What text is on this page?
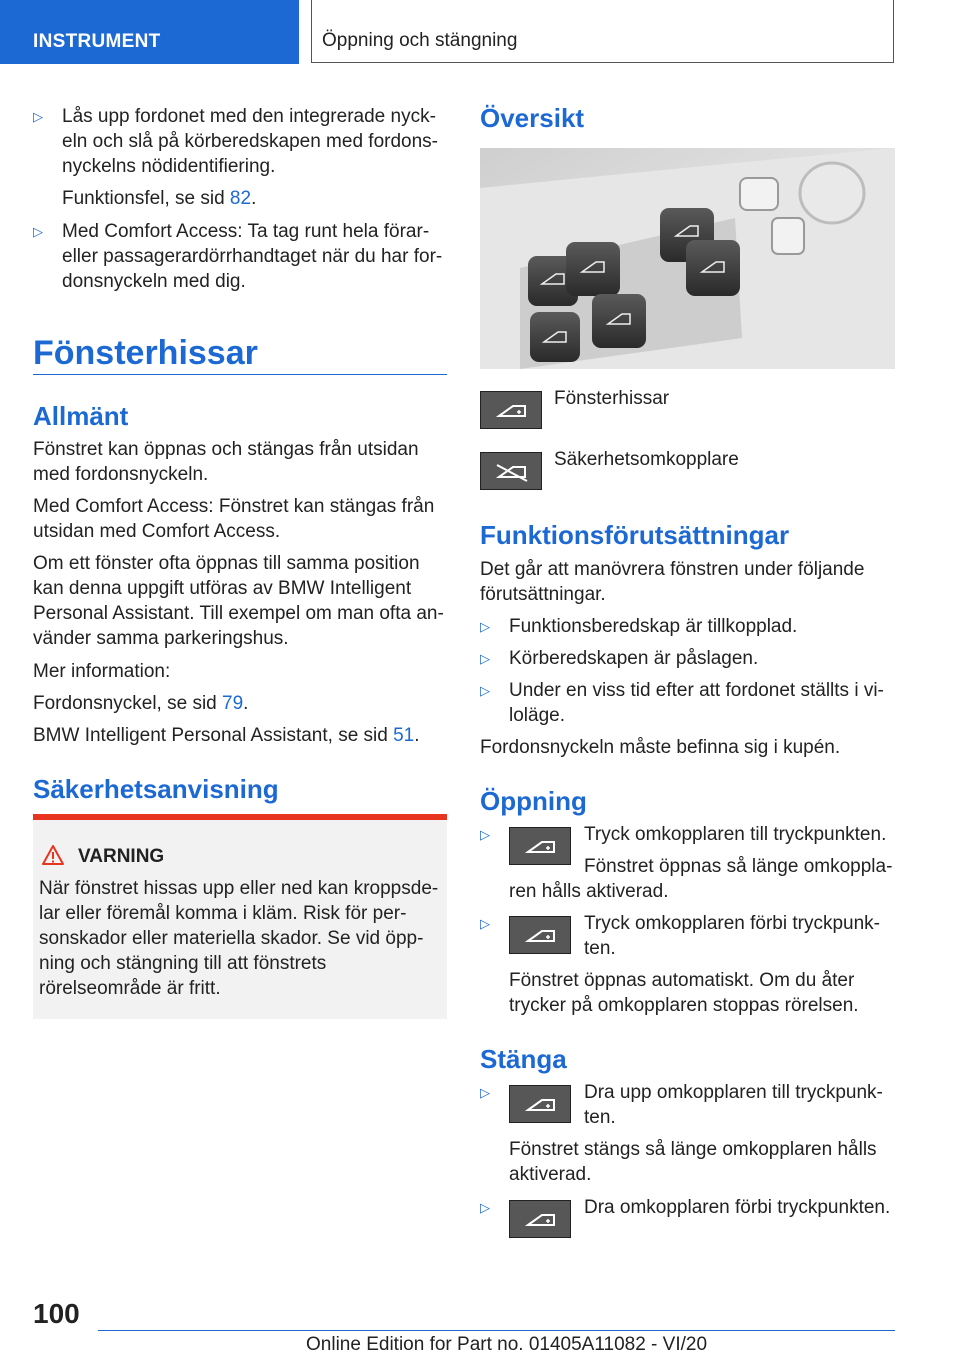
INSTRUMENT	Öppning och stängning
▷ Lås upp fordonet med den integrerade nyck-

eln och slå på körberedskapen med fordons-

nyckelns nödidentifiering.

Funktionsfel, se sid 82.

▷ Med Comfort Access: Ta tag runt hela förar-

eller passagerardörrhandtaget när du har for-

donsnyckeln med dig.

Fönsterhissar
Allmänt

Fönstret kan öppnas och stängas från utsidan

med fordonsnyckeln.

Med Comfort Access: Fönstret kan stängas från

utsidan med Comfort Access.

Om ett fönster ofta öppnas till samma position

kan denna uppgift utföras av BMW Intelligent

Personal Assistant. Till exempel om man ofta an-

vänder samma parkeringshus.

Mer information:

Fordonsnyckel, se sid 79.

BMW Intelligent Personal Assistant, se sid 51.

Säkerhetsanvisning

VARNING

När fönstret hissas upp eller ned kan kroppsde-

lar eller föremål komma i kläm. Risk för per-

sonskador eller materiella skador. Se vid öpp-

ning och stängning till att fönstrets

rörelseområde är fritt.

Översikt

Fönsterhissar

Säkerhetsomkopplare

Funktionsförutsättningar

Det går att manövrera fönstren under följande

förutsättningar.

▷ Funktionsberedskap är tillkopplad.

▷ Körberedskapen är påslagen.

▷ Under en viss tid efter att fordonet ställts i vi-

loläge.

Fordonsnyckeln måste befinna sig i kupén.

Öppning
▷	Tryck omkopplaren till tryckpunkten.

Fönstret öppnas så länge omkoppla-

ren hålls aktiverad.

▷	Tryck omkopplaren förbi tryckpunk-

ten.

Fönstret öppnas automatiskt. Om du åter

trycker på omkopplaren stoppas rörelsen.

Stänga
▷	Dra upp omkopplaren till tryckpunk-

ten.

Fönstret stängs så länge omkopplaren hålls

aktiverad.

▷	Dra omkopplaren förbi tryckpunkten.

100
Online Edition for Part no. 01405A11082 - VI/20
